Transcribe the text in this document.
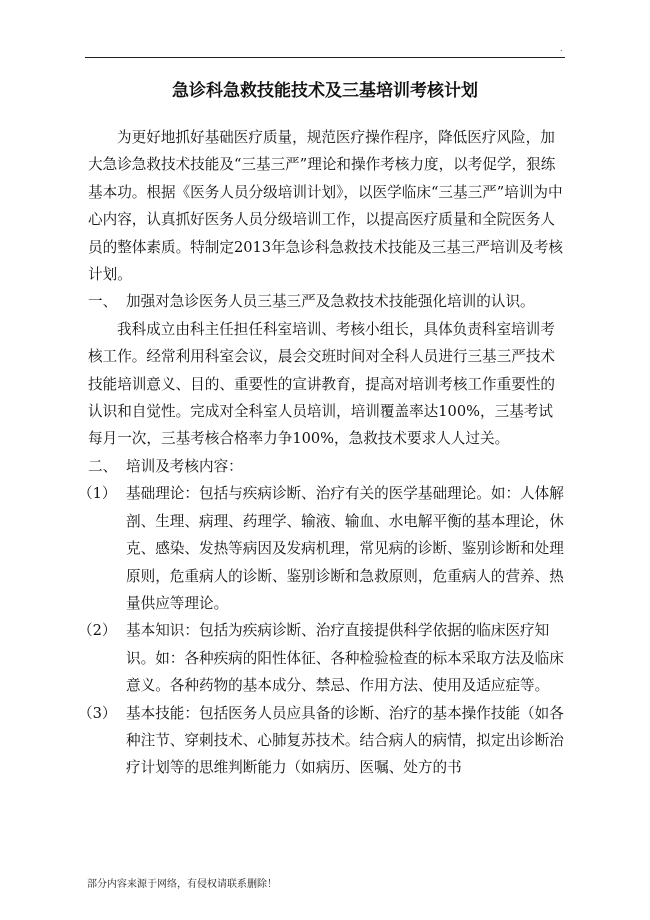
.
急诊科急救技能技术及三基培训考核计划

为更好地抓好基础医疗质量，规范医疗操作程序，降低医疗风险，加大急诊急救技术技能及“三基三严”理论和操作考核力度，以考促学，狠练基本功。根据《医务人员分级培训计划》，以医学临床“三基三严”培训为中心内容，认真抓好医务人员分级培训工作，以提高医疗质量和全院医务人员的整体素质。特制定2013年急诊科急救技术技能及三基三严培训及考核计划。

一、 加强对急诊医务人员三基三严及急救技术技能强化培训的认识。

我科成立由科主任担任科室培训、考核小组长，具体负责科室培训考核工作。经常利用科室会议，晨会交班时间对全科人员进行三基三严技术技能培训意义、目的、重要性的宣讲教育，提高对培训考核工作重要性的认识和自觉性。完成对全科室人员培训，培训覆盖率达100%，三基考试每月一次，三基考核合格率力争100%，急救技术要求人人过关。

二、 培训及考核内容：
（1） 基础理论：包括与疾病诊断、治疗有关的医学基础理论。如：人体解剖、生理、病理、药理学、输液、输血、水电解平衡的基本理论，休克、感染、发热等病因及发病机理，常见病的诊断、鉴别诊断和处理原则，危重病人的诊断、鉴别诊断和急救原则，危重病人的营养、热量供应等理论。
（2） 基本知识：包括为疾病诊断、治疗直接提供科学依据的临床医疗知识。如：各种疾病的阳性体征、各种检验检查的标本采取方法及临床意义。各种药物的基本成分、禁忌、作用方法、使用及适应症等。
（3） 基本技能：包括医务人员应具备的诊断、治疗的基本操作技能（如各种注节、穿刺技术、心肺复苏技术。结合病人的病情，拟定出诊断治疗计划等的思维判断能力（如病历、医嘱、处方的书
部分内容来源于网络，有侵权请联系删除！
